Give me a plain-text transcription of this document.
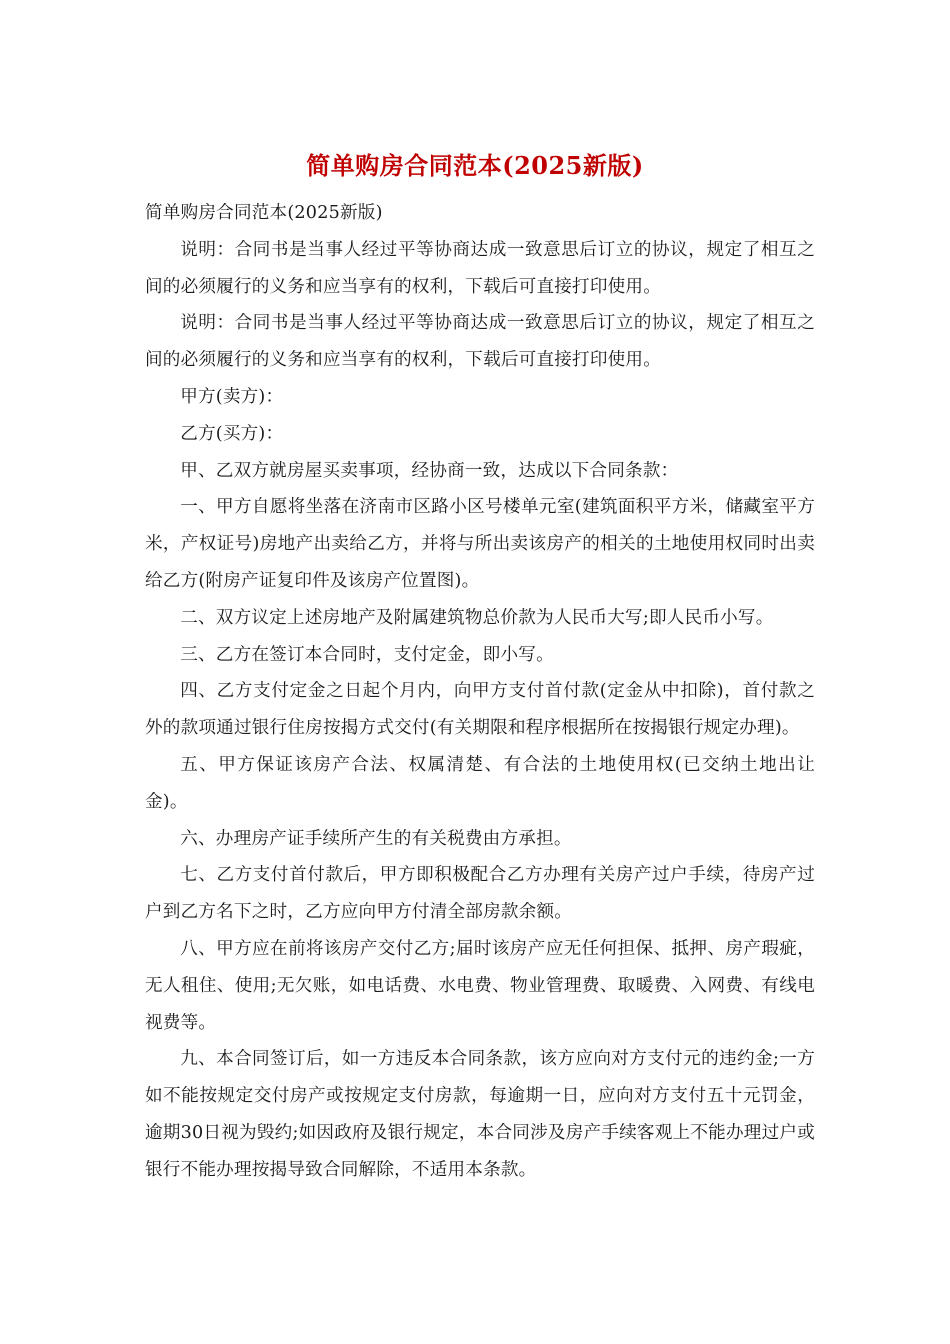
简单购房合同范本(2025新版)

简单购房合同范本(2025新版)

说明：合同书是当事人经过平等协商达成一致意思后订立的协议，规定了相互之间的必须履行的义务和应当享有的权利，下载后可直接打印使用。

说明：合同书是当事人经过平等协商达成一致意思后订立的协议，规定了相互之间的必须履行的义务和应当享有的权利，下载后可直接打印使用。

甲方(卖方)：

乙方(买方)：

甲、乙双方就房屋买卖事项，经协商一致，达成以下合同条款：

一、甲方自愿将坐落在济南市区路小区号楼单元室(建筑面积平方米，储藏室平方米，产权证号)房地产出卖给乙方，并将与所出卖该房产的相关的土地使用权同时出卖给乙方(附房产证复印件及该房产位置图)。

二、双方议定上述房地产及附属建筑物总价款为人民币大写;即人民币小写。

三、乙方在签订本合同时，支付定金，即小写。

四、乙方支付定金之日起个月内，向甲方支付首付款(定金从中扣除)，首付款之外的款项通过银行住房按揭方式交付(有关期限和程序根据所在按揭银行规定办理)。

五、甲方保证该房产合法、权属清楚、有合法的土地使用权(已交纳土地出让金)。

六、办理房产证手续所产生的有关税费由方承担。

七、乙方支付首付款后，甲方即积极配合乙方办理有关房产过户手续，待房产过户到乙方名下之时，乙方应向甲方付清全部房款余额。

八、甲方应在前将该房产交付乙方;届时该房产应无任何担保、抵押、房产瑕疵，无人租住、使用;无欠账，如电话费、水电费、物业管理费、取暖费、入网费、有线电视费等。

九、本合同签订后，如一方违反本合同条款，该方应向对方支付元的违约金;一方如不能按规定交付房产或按规定支付房款，每逾期一日，应向对方支付五十元罚金，逾期30日视为毁约;如因政府及银行规定，本合同涉及房产手续客观上不能办理过户或银行不能办理按揭导致合同解除，不适用本条款。
